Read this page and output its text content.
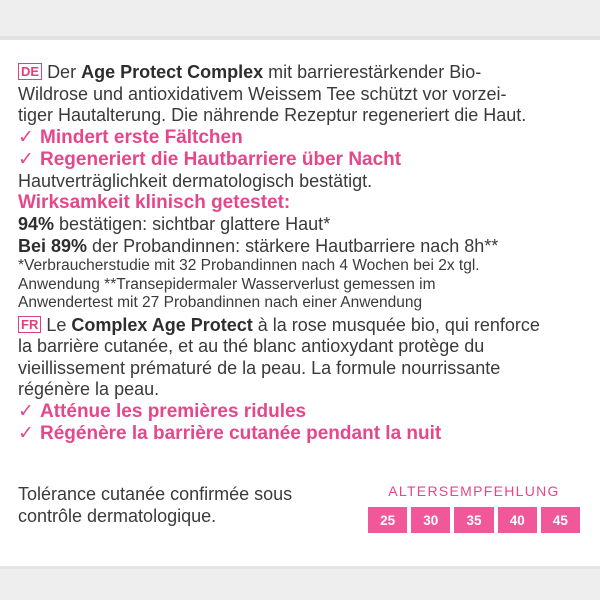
DE Der Age Protect Complex mit barrierestärkender Bio-

Wildrose und antioxidativem Weissem Tee schützt vor vorzei-

tiger Hautalterung. Die nährende Rezeptur regeneriert die Haut.

✓ Mindert erste Fältchen

✓ Regeneriert die Hautbarriere über Nacht

Hautverträglichkeit dermatologisch bestätigt.

Wirksamkeit klinisch getestet:

94% bestätigen: sichtbar glattere Haut*

Bei 89% der Probandinnen: stärkere Hautbarriere nach 8h**

*Verbraucherstudie mit 32 Probandinnen nach 4 Wochen bei 2x tgl.

Anwendung **Transepidermaler Wasserverlust gemessen im

Anwendertest mit 27 Probandinnen nach einer Anwendung

FR Le Complex Age Protect à la rose musquée bio, qui renforce

la barrière cutanée, et au thé blanc antioxydant protège du

vieillissement prématuré de la peau. La formule nourrissante

régénère la peau.

✓ Atténue les premières ridules

✓ Régénère la barrière cutanée pendant la nuit

Tolérance cutanée confirmée sous

contrôle dermatologique.

ALTERSEMPFEHLUNG

25	30	35	40	45
